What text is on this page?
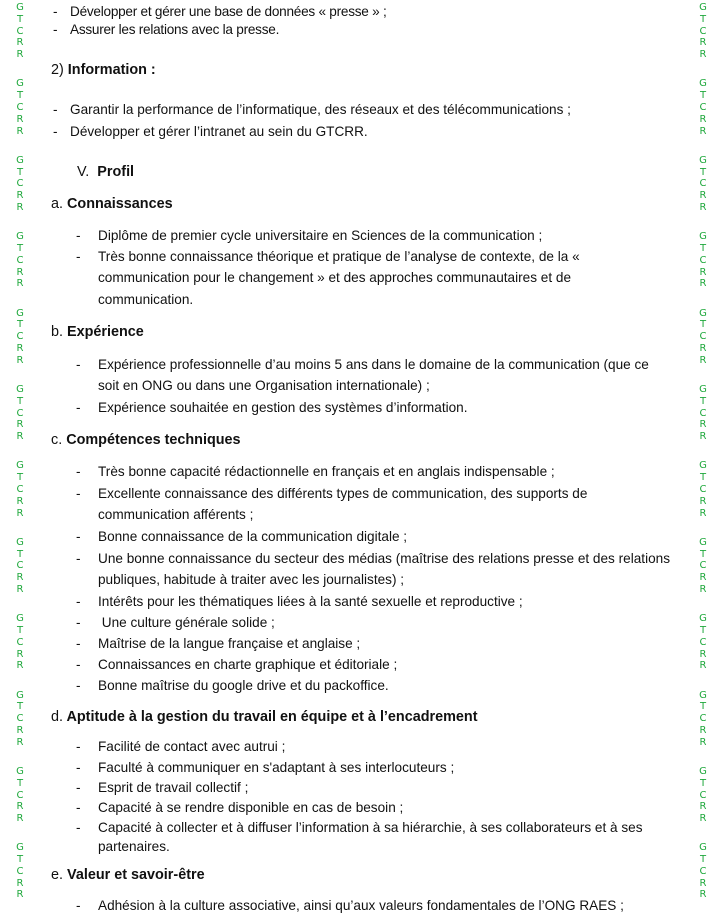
G
T
C
R
R
G
T
C
R
R
G
T
C
R
R
G
T
C
R
R
G
T
C
R
R
G
T
C
R
R
G
T
C
R
R
G
T
C
R
R
G
T
C
R
R
G
T
C
R
R
G
T
C
R
R
G
T
C
R
R
G
T
C
R
R
G
T
C
R
R
G
T
C
R
R
G
T
C
R
R
G
T
C
R
R
G
T
C
R
R
G
T
C
R
R
G
T
C
R
R
G
T
C
R
R
G
T
C
R
R
G
T
C
R
R
G
T
C
R
R
- Développer et gérer une base de données « presse » ;
- Assurer les relations avec la presse.
2) Information :
- Garantir la performance de l’informatique, des réseaux et des télécommunications ;
- Développer et gérer l’intranet au sein du GTCRR.
V. Profil
a. Connaissances
- Diplôme de premier cycle universitaire en Sciences de la communication ;
- Très bonne connaissance théorique et pratique de l’analyse de contexte, de la «
communication pour le changement » et des approches communautaires et de
communication.
b. Expérience
- Expérience professionnelle d’au moins 5 ans dans le domaine de la communication (que ce
soit en ONG ou dans une Organisation internationale) ;
- Expérience souhaitée en gestion des systèmes d’information.
c. Compétences techniques
- Très bonne capacité rédactionnelle en français et en anglais indispensable ;
- Excellente connaissance des différents types de communication, des supports de
communication afférents ;
- Bonne connaissance de la communication digitale ;
- Une bonne connaissance du secteur des médias (maîtrise des relations presse et des relations
publiques, habitude à traiter avec les journalistes) ;
- Intérêts pour les thématiques liées à la santé sexuelle et reproductive ;
- Une culture générale solide ;
- Maîtrise de la langue française et anglaise ;
- Connaissances en charte graphique et éditoriale ;
- Bonne maîtrise du google drive et du packoffice.
d. Aptitude à la gestion du travail en équipe et à l’encadrement
- Facilité de contact avec autrui ;
- Faculté à communiquer en s'adaptant à ses interlocuteurs ;
- Esprit de travail collectif ;
- Capacité à se rendre disponible en cas de besoin ;
- Capacité à collecter et à diffuser l’information à sa hiérarchie, à ses collaborateurs et à ses
partenaires.
e. Valeur et savoir-être
- Adhésion à la culture associative, ainsi qu’aux valeurs fondamentales de l’ONG RAES ;
